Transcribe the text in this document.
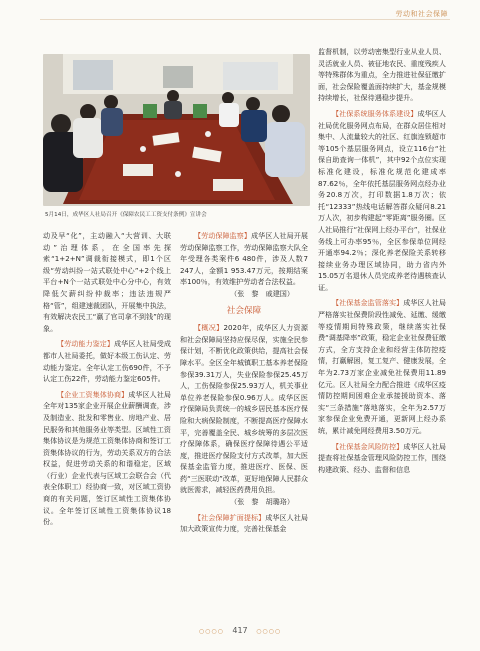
劳动和社会保障
5月14日，成华区人社局召开《保障农民工工资支付条例》宣讲会

动及早“化”，主动融入“大营训、大联动”治理体系，在全国率先探索“1+2+N”调裁衔接模式，即1个区级“劳动纠纷一站式联处中心”+2个线上平台+N个一站式联处中心分中心，有效降低欠薪纠纷仲裁率；违法违规严格“管”，组建速裁团队，开展集中执法，有效解决农民工“赢了官司拿不到钱”的现象。

【劳动能力鉴定】成华区人社局受成都市人社局委托，做好本级工伤认定、劳动能力鉴定。全年认定工伤690件，不予认定工伤22件，劳动能力鉴定605件。

【企业工资集体协商】成华区人社局全年对135家企业开展企业薪酬调查，涉及制造业、批发和零售业、房地产业、居民服务和其他服务业等类型。区域性工资集体协议是为规范工资集体协商和签订工资集体协议的行为，劳动关系双方的合法权益，促进劳动关系的和谐稳定，区域（行业）企业代表与区域工会联合会（代表全体职工）经协商一致，对区域工资协商的有关问题，签订区域性工资集体协议。全年签订区域性工资集体协议18份。

【劳动保障监察】成华区人社局开展劳动保障监察工作，劳动保障监察大队全年受理各类案件6 480件，涉及人数7 247人，金额1 953.47万元，按期结案率100％，有效维护劳动者合法权益。

（张　黎　戚建国）
社会保障

【概况】2020年，成华区人力资源和社会保障局坚持应保尽保，实施全民参保计划，不断优化政策供给，提高社会保障水平。全区全年城镇职工基本养老保险参保39.31万人，失业保险参保25.45万人，工伤保险参保25.93万人，机关事业单位养老保险参保0.96万人。成华区医疗保障局负责统一的城乡居民基本医疗保险和大病保险制度，不断提高医疗保障水平，完善覆盖全民、城乡统筹的多层次医疗保障体系，确保医疗保障待遇公平适度，推进医疗保险支付方式改革，加大医保基金监管力度，推进医疗、医保、医药“三医联动”改革，更好地保障人民群众就医需求，减轻医药费用负担。

（张　黎　胡璐珞）

【社会保障扩面提标】成华区人社局加大政策宣传力度，完善社保基金

监督机制，以劳动密集型行业从业人员、灵活就业人员、被征地农民、重度残疾人等特殊群体为重点，全力推进社保征缴扩面，社会保险覆盖面持续扩大，基金规模持续增长，社保待遇稳步提升。

【社保系统服务体系建设】成华区人社局优化服务网点布局，在群众居住相对集中、人流量较大的社区、红旗连锁超市等105个基层服务网点，设立116台“社保自助查询一体机”，其中92个点位实现标准化建设，标准化规范化建成率87.62％，全年依托基层服务网点经办业务20.8万次，打印数据1.8万次；依托“12333”热线电话解答群众疑问8.21万人次，初步构建起“零距离”服务圈。区人社局推行“社保网上经办平台”，社保业务线上可办率95％，全区参保单位网经开通率94.2％；深化养老保险关系转移接续业务办理区域协同，助力省内外15.05万名退休人员完成养老待遇核查认证。

【社保基金监管落实】成华区人社局严格落实社保费阶段性减免、延缴、缓缴等疫情期间特殊政策，继续落实社保费“调基降率”政策，稳定企业社保费征缴方式，全方支持企业和经营主体防控疫情，打赢解困，复工复产、健康发展，全年为2.73万家企业减免社保费用11.89亿元。区人社局全力配合推进《成华区疫情防控期间困难企业承接援助资本、落实“三条措施”落地落实，全年为2.57万家参保企业免费开通，更新网上经办系统，累计减免网经费用3.50万元。

【社保基金风险防控】成华区人社局提查将社保基金管理风险防控工作，围绕构建政策、经办、监督和信息

○○○○ 417 ○○○○
